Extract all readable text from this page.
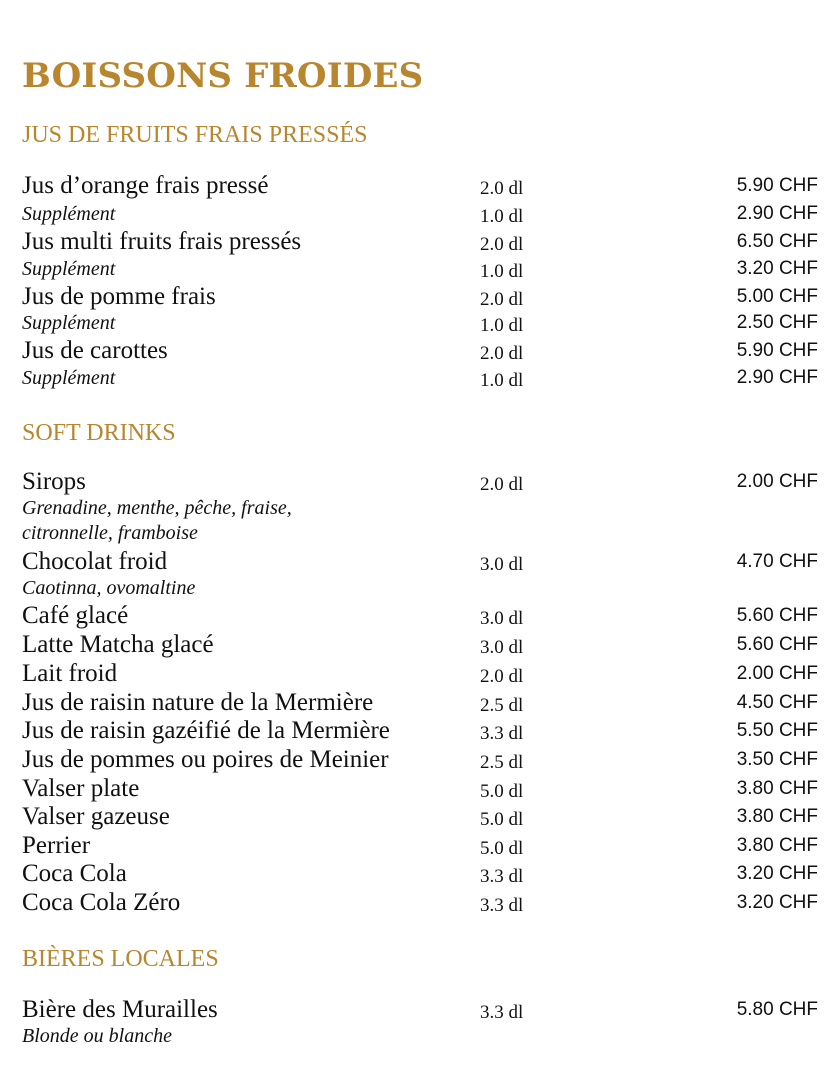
BOISSONS FROIDES
JUS DE FRUITS FRAIS PRESSÉS
Jus d’orange frais pressé	2.0 dl	5.90 CHF
Supplément	1.0 dl	2.90 CHF
Jus multi fruits frais pressés	2.0 dl	6.50 CHF
Supplément	1.0 dl	3.20 CHF
Jus de pomme frais	2.0 dl	5.00 CHF
Supplément	1.0 dl	2.50 CHF
Jus de carottes	2.0 dl	5.90 CHF
Supplément	1.0 dl	2.90 CHF
SOFT DRINKS
Sirops	2.0 dl	2.00 CHF
Grenadine, menthe, pêche, fraise,
citronnelle, framboise
Chocolat froid	3.0 dl	4.70 CHF
Caotinna, ovomaltine
Café glacé	3.0 dl	5.60 CHF
Latte Matcha glacé	3.0 dl	5.60 CHF
Lait froid	2.0 dl	2.00 CHF
Jus de raisin nature de la Mermière	2.5 dl	4.50 CHF
Jus de raisin gazéifié de la Mermière	3.3 dl	5.50 CHF
Jus de pommes ou poires de Meinier	2.5 dl	3.50 CHF
Valser plate	5.0 dl	3.80 CHF
Valser gazeuse	5.0 dl	3.80 CHF
Perrier	5.0 dl	3.80 CHF
Coca Cola	3.3 dl	3.20 CHF
Coca Cola Zéro	3.3 dl	3.20 CHF
BIÈRES LOCALES
Bière des Murailles	3.3 dl	5.80 CHF
Blonde ou blanche
